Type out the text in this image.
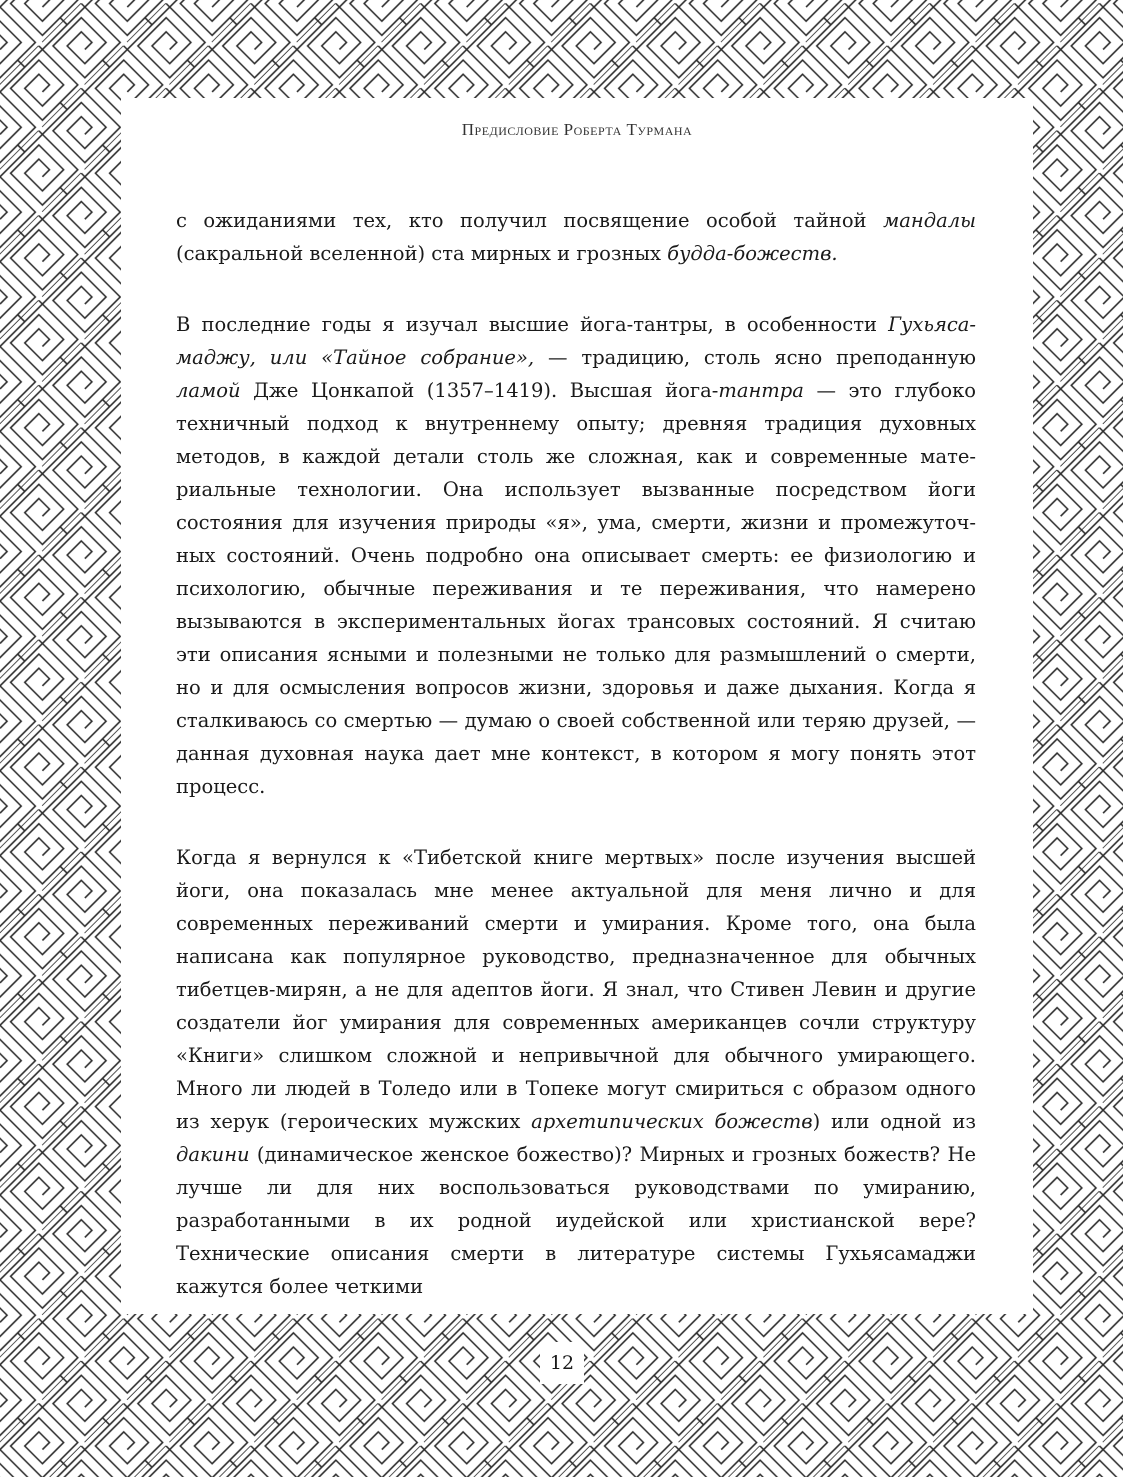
Предисловие Роберта Турмана

с ожиданиями тех, кто получил посвящение особой тайной мандалы (сакральной вселенной) ста мирных и грозных будда-божеств.

В последние годы я изучал высшие йога-тантры, в особенности Гухьясамаджу, или «Тайное собрание», — традицию, столь ясно преподанную ламой Дже Цонкапой (1357–1419). Высшая йога-тантра — это глубоко техничный подход к внутреннему опыту; древняя традиция духовных методов, в каждой детали столь же сложная, как и современные материальные технологии. Она использует вызванные посредством йоги состояния для изучения природы «я», ума, смерти, жизни и промежуточных состояний. Очень подробно она описывает смерть: ее физиологию и психологию, обычные переживания и те переживания, что намерено вызываются в экспериментальных йогах трансовых состояний. Я считаю эти описания ясными и полезными не только для размышлений о смерти, но и для осмысления вопросов жизни, здоровья и даже дыхания. Когда я сталкиваюсь со смертью — думаю о своей собственной или теряю друзей, — данная духовная наука дает мне контекст, в котором я могу понять этот процесс.

Когда я вернулся к «Тибетской книге мертвых» после изучения высшей йоги, она показалась мне менее актуальной для меня лично и для современных переживаний смерти и умирания. Кроме того, она была написана как популярное руководство, предназначенное для обычных тибетцев-мирян, а не для адептов йоги. Я знал, что Стивен Левин и другие создатели йог умирания для современных американцев сочли структуру «Книги» слишком сложной и непривычной для обычного умирающего. Много ли людей в Толедо или в Топеке могут смириться с образом одного из херук (героических мужских архетипических божеств) или одной из дакини (динамическое женское божество)? Мирных и грозных божеств? Не лучше ли для них воспользоваться руководствами по умиранию, разработанными в их родной иудейской или христианской вере? Технические описания смерти в литературе системы Гухьясамаджи кажутся более четкими

12
